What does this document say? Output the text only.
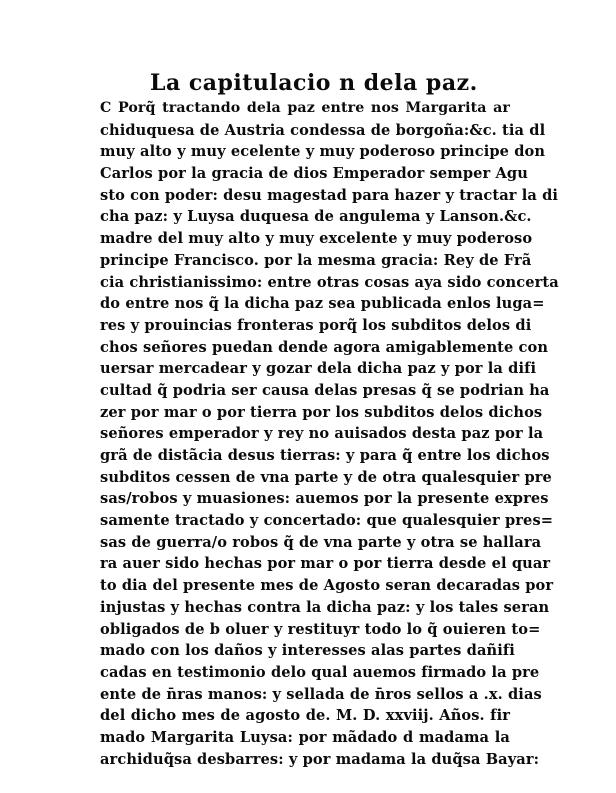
La capitulacio n dela paz.
C Porq̃ tractando dela paz entre nos Margarita ar
chiduquesa de Austria condessa de borgoña:&c. tia dl
muy alto y muy ecelente y muy poderoso principe don
Carlos por la gracia de dios Emperador semper Agu
sto con poder: desu magestad para hazer y tractar la di
cha paz: y Luysa duquesa de angulema y Lanson.&c.
madre del muy alto y muy excelente y muy poderoso
principe Francisco. por la mesma gracia: Rey de Frã
cia christianissimo: entre otras cosas aya sido concerta
do entre nos q̃ la dicha paz sea publicada enlos luga=
res y prouincias fronteras porq̃ los subditos delos di
chos señores puedan dende agora amigablemente con
uersar mercadear y gozar dela dicha paz y por la difi
cultad q̃ podria ser causa delas presas q̃ se podrian ha
zer por mar o por tierra por los subditos delos dichos
señores emperador y rey no auisados desta paz por la
grã de distãcia desus tierras: y para q̃ entre los dichos
subditos cessen de vna parte y de otra qualesquier pre
sas/robos y muasiones: auemos por la presente expres
samente tractado y concertado: que qualesquier pres=
sas de guerra/o robos q̃ de vna parte y otra se hallara
ra auer sido hechas por mar o por tierra desde el quar
to dia del presente mes de Agosto seran decaradas por
injustas y hechas contra la dicha paz: y los tales seran
obligados de b oluer y restituyr todo lo q̃ ouieren to=
mado con los daños y interesses alas partes dañifi
cadas en testimonio delo qual auemos firmado la pre
ente de n̄ras manos: y sellada de n̄ros sellos a .x. dias
del dicho mes de agosto de. M. D. xxviij. Años. fir
mado Margarita Luysa: por mãdado d madama la
archiduq̃sa desbarres: y por madama la duq̃sa Bayar:
